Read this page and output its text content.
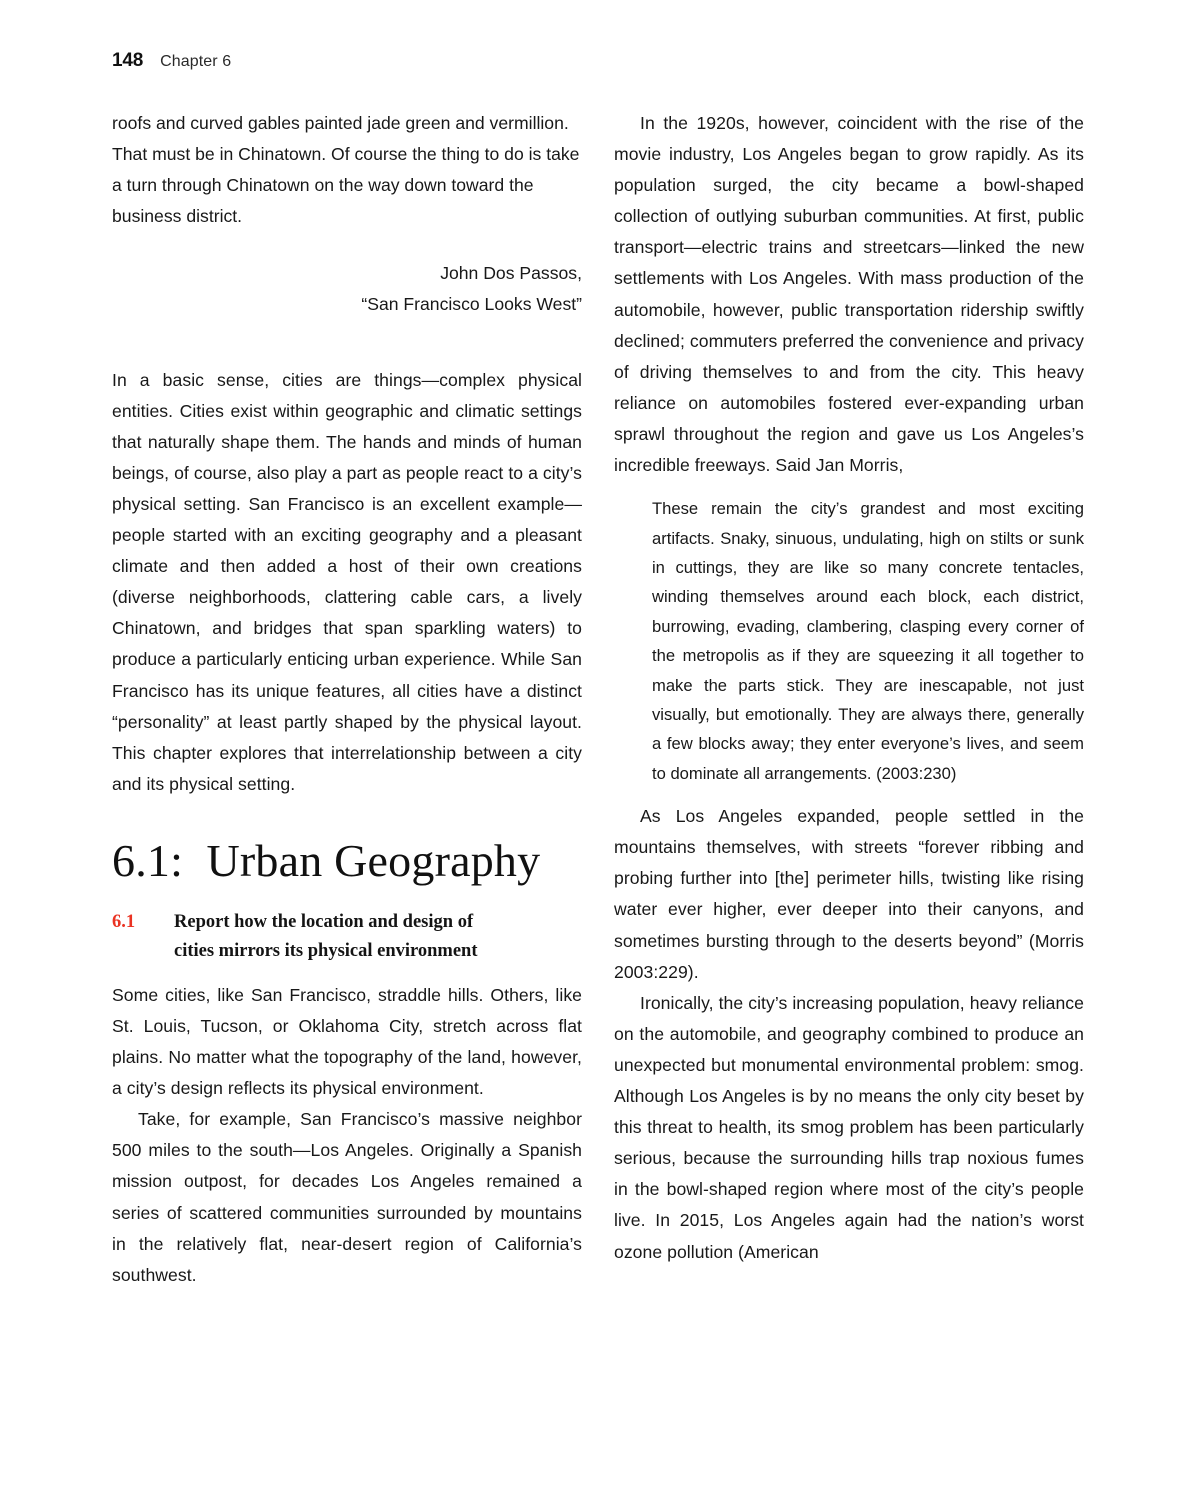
148 Chapter 6

roofs and curved gables painted jade green and vermillion. That must be in Chinatown. Of course the thing to do is take a turn through Chinatown on the way down toward the business district.

John Dos Passos,
“San Francisco Looks West”

In a basic sense, cities are things—complex physical entities. Cities exist within geographic and climatic settings that naturally shape them. The hands and minds of human beings, of course, also play a part as people react to a city’s physical setting. San Francisco is an excellent example—people started with an exciting geography and a pleasant climate and then added a host of their own creations (diverse neighborhoods, clattering cable cars, a lively Chinatown, and bridges that span sparkling waters) to produce a particularly enticing urban experience. While San Francisco has its unique features, all cities have a distinct “personality” at least partly shaped by the physical layout. This chapter explores that interrelationship between a city and its physical setting.

6.1:  Urban Geography
6.1	Report how the location and design of
cities mirrors its physical environment

Some cities, like San Francisco, straddle hills. Others, like St. Louis, Tucson, or Oklahoma City, stretch across flat plains. No matter what the topography of the land, however, a city’s design reflects its physical environment.

Take, for example, San Francisco’s massive neighbor 500 miles to the south—Los Angeles. Originally a Spanish mission outpost, for decades Los Angeles remained a series of scattered communities surrounded by mountains in the relatively flat, near-desert region of California’s southwest.

In the 1920s, however, coincident with the rise of the movie industry, Los Angeles began to grow rapidly. As its population surged, the city became a bowl-shaped collection of outlying suburban communities. At first, public transport—electric trains and streetcars—linked the new settlements with Los Angeles. With mass production of the automobile, however, public transportation ridership swiftly declined; commuters preferred the convenience and privacy of driving themselves to and from the city. This heavy reliance on automobiles fostered ever-expanding urban sprawl throughout the region and gave us Los Angeles’s incredible freeways. Said Jan Morris,

These remain the city’s grandest and most exciting artifacts. Snaky, sinuous, undulating, high on stilts or sunk in cuttings, they are like so many concrete tentacles, winding themselves around each block, each district, burrowing, evading, clambering, clasping every corner of the metropolis as if they are squeezing it all together to make the parts stick. They are inescapable, not just visually, but emotionally. They are always there, generally a few blocks away; they enter everyone’s lives, and seem to dominate all arrangements. (2003:230)

As Los Angeles expanded, people settled in the mountains themselves, with streets “forever ribbing and probing further into [the] perimeter hills, twisting like rising water ever higher, ever deeper into their canyons, and sometimes bursting through to the deserts beyond” (Morris 2003:229).

Ironically, the city’s increasing population, heavy reliance on the automobile, and geography combined to produce an unexpected but monumental environmental problem: smog. Although Los Angeles is by no means the only city beset by this threat to health, its smog problem has been particularly serious, because the surrounding hills trap noxious fumes in the bowl-shaped region where most of the city’s people live. In 2015, Los Angeles again had the nation’s worst ozone pollution (American
